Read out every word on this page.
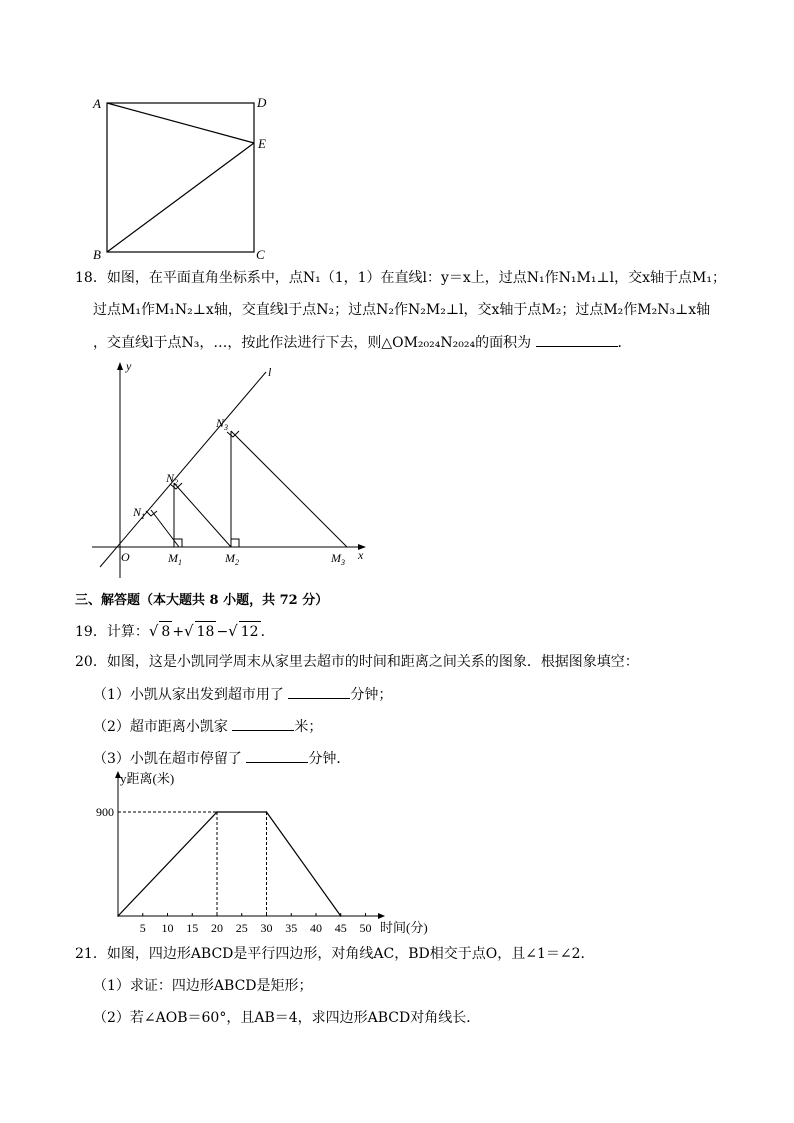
A	D
E
B	C
18．如图，在平面直角坐标系中，点N₁（1，1）在直线l：y＝x上，过点N₁作N₁M₁⊥l，交x轴于点M₁；
过点M₁作M₁N₂⊥x轴，交直线l于点N₂；过点N₂作N₂M₂⊥l，交x轴于点M₂；过点M₂作M₂N₃⊥x轴
，交直线l于点N₃，…，按此作法进行下去，则△OM₂₀₂₄N₂₀₂₄的面积为	．
y	l
O	x
$N_1$
$N_2$
$N_3$
$M_1$	$M_2$	$M_3$
三、解答题（本大题共 8 小题，共 72 分）
19．计算：√ 8 +√ 18 −√ 12 ．
20．如图，这是小凯同学周末从家里去超市的时间和距离之间关系的图象．根据图象填空：
（1）小凯从家出发到超市用了	分钟；
（2）超市距离小凯家	米；
（3）小凯在超市停留了	分钟．
y距离(米)
时间(分)
5 10 15 20 25 30 35 40 45 50
900
21．如图，四边形ABCD是平行四边形，对角线AC，BD相交于点O，且∠1＝∠2．
（1）求证：四边形ABCD是矩形；
（2）若∠AOB＝60°，且AB＝4，求四边形ABCD对角线长．
